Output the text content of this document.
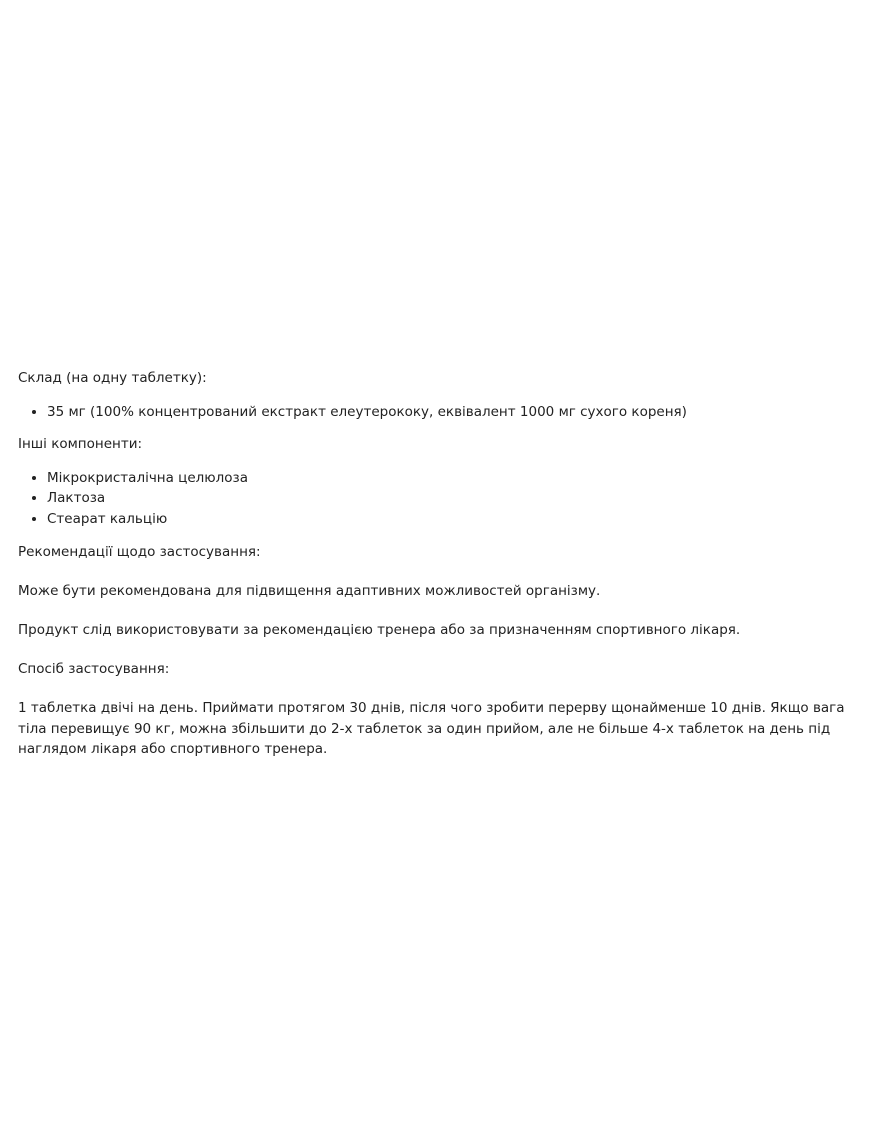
Склад (на одну таблетку):

• 35 мг (100% концентрований екстракт елеутерококу, еквівалент 1000 мг сухого кореня)

Інші компоненти:

• Мікрокристалічна целюлоза
• Лактоза
• Стеарат кальцію

Рекомендації щодо застосування:

Може бути рекомендована для підвищення адаптивних можливостей організму.

Продукт слід використовувати за рекомендацією тренера або за призначенням спортивного лікаря.

Спосіб застосування:

1 таблетка двічі на день. Приймати протягом 30 днів, після чого зробити перерву щонайменше 10 днів. Якщо вага тіла перевищує 90 кг, можна збільшити до 2-х таблеток за один прийом, але не більше 4-х таблеток на день під наглядом лікаря або спортивного тренера.
